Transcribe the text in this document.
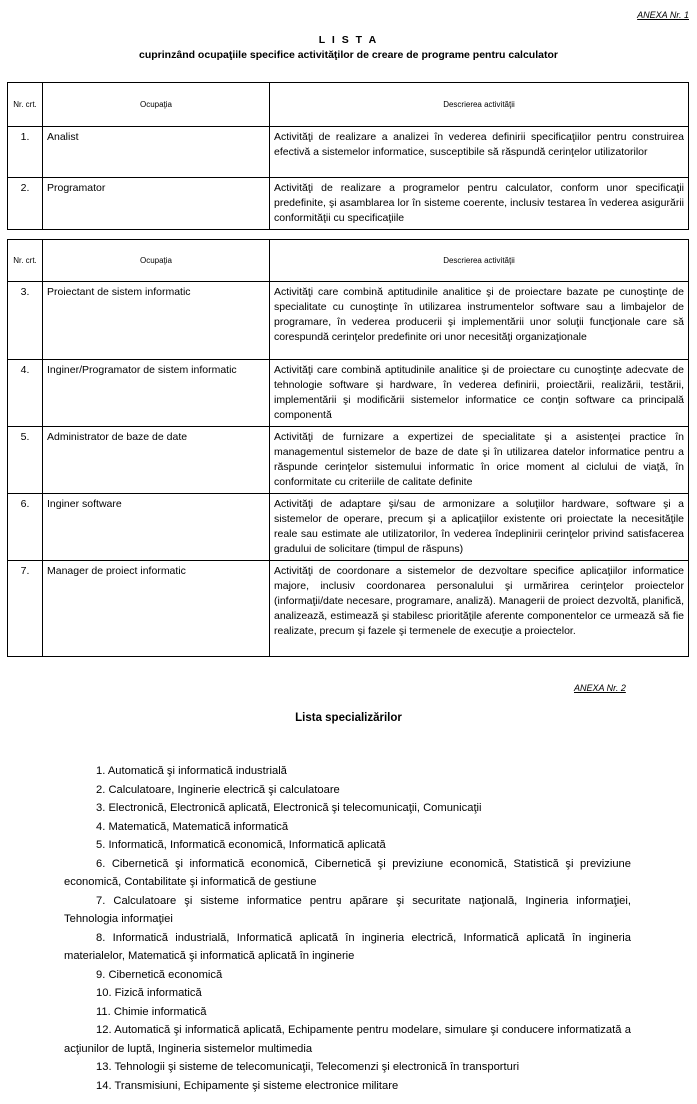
ANEXA Nr. 1
L I S T A
cuprinzând ocupaţiile specifice activităţilor de creare de programe pentru calculator
Nr. crt.	Ocupaţia	Descrierea activităţii
1.	Analist	Activităţi de realizare a analizei în vederea definirii specificaţiilor pentru construirea efectivă a sistemelor informatice, susceptibile să răspundă cerinţelor utilizatorilor
2.	Programator	Activităţi de realizare a programelor pentru calculator, conform unor specificaţii predefinite, şi asamblarea lor în sisteme coerente, inclusiv testarea în vederea asigurării conformităţii cu specificaţiile
Nr. crt.	Ocupaţia	Descrierea activităţii
3.	Proiectant de sistem informatic	Activităţi care combină aptitudinile analitice şi de proiectare bazate pe cunoştinţe de specialitate cu cunoştinţe în utilizarea instrumentelor software sau a limbajelor de programare, în vederea producerii şi implementării unor soluţii funcţionale care să corespundă cerinţelor predefinite ori unor necesităţi organizaţionale
4.	Inginer/Programator de sistem informatic	Activităţi care combină aptitudinile analitice şi de proiectare cu cunoştinţe adecvate de tehnologie software şi hardware, în vederea definirii, proiectării, realizării, testării, implementării şi modificării sistemelor informatice ce conţin software ca principală componentă
5.	Administrator de baze de date	Activităţi de furnizare a expertizei de specialitate şi a asistenţei practice în managementul sistemelor de baze de date şi în utilizarea datelor informatice pentru a răspunde cerinţelor sistemului informatic în orice moment al ciclului de viaţă, în conformitate cu criteriile de calitate definite
6.	Inginer software	Activităţi de adaptare şi/sau de armonizare a soluţiilor hardware, software şi a sistemelor de operare, precum şi a aplicaţiilor existente ori proiectate la necesităţile reale sau estimate ale utilizatorilor, în vederea îndeplinirii cerinţelor privind satisfacerea gradului de solicitare (timpul de răspuns)
7.	Manager de proiect informatic	Activităţi de coordonare a sistemelor de dezvoltare specifice aplicaţiilor informatice majore, inclusiv coordonarea personalului şi urmărirea cerinţelor proiectelor (informaţii/date necesare, programare, analiză). Managerii de proiect dezvoltă, planifică, analizează, estimează şi stabilesc priorităţile aferente componentelor ce urmează să fie realizate, precum şi fazele şi termenele de execuţie a proiectelor.
ANEXA Nr. 2
Lista specializărilor

1. Automatică şi informatică industrială

2. Calculatoare, Inginerie electrică şi calculatoare

3. Electronică, Electronică aplicată, Electronică şi telecomunicaţii, Comunicaţii

4. Matematică, Matematică informatică

5. Informatică, Informatică economică, Informatică aplicată

6. Cibernetică şi informatică economică, Cibernetică şi previziune economică, Statistică şi previziune economică, Contabilitate şi informatică de gestiune

7. Calculatoare şi sisteme informatice pentru apărare şi securitate naţională, Ingineria informaţiei, Tehnologia informaţiei

8. Informatică industrială, Informatică aplicată în ingineria electrică, Informatică aplicată în ingineria materialelor, Matematică şi informatică aplicată în inginerie

9. Cibernetică economică

10. Fizică informatică

11. Chimie informatică

12. Automatică şi informatică aplicată, Echipamente pentru modelare, simulare şi conducere informatizată a acţiunilor de luptă, Ingineria sistemelor multimedia

13. Tehnologii şi sisteme de telecomunicaţii, Telecomenzi şi electronică în transporturi

14. Transmisiuni, Echipamente şi sisteme electronice militare
